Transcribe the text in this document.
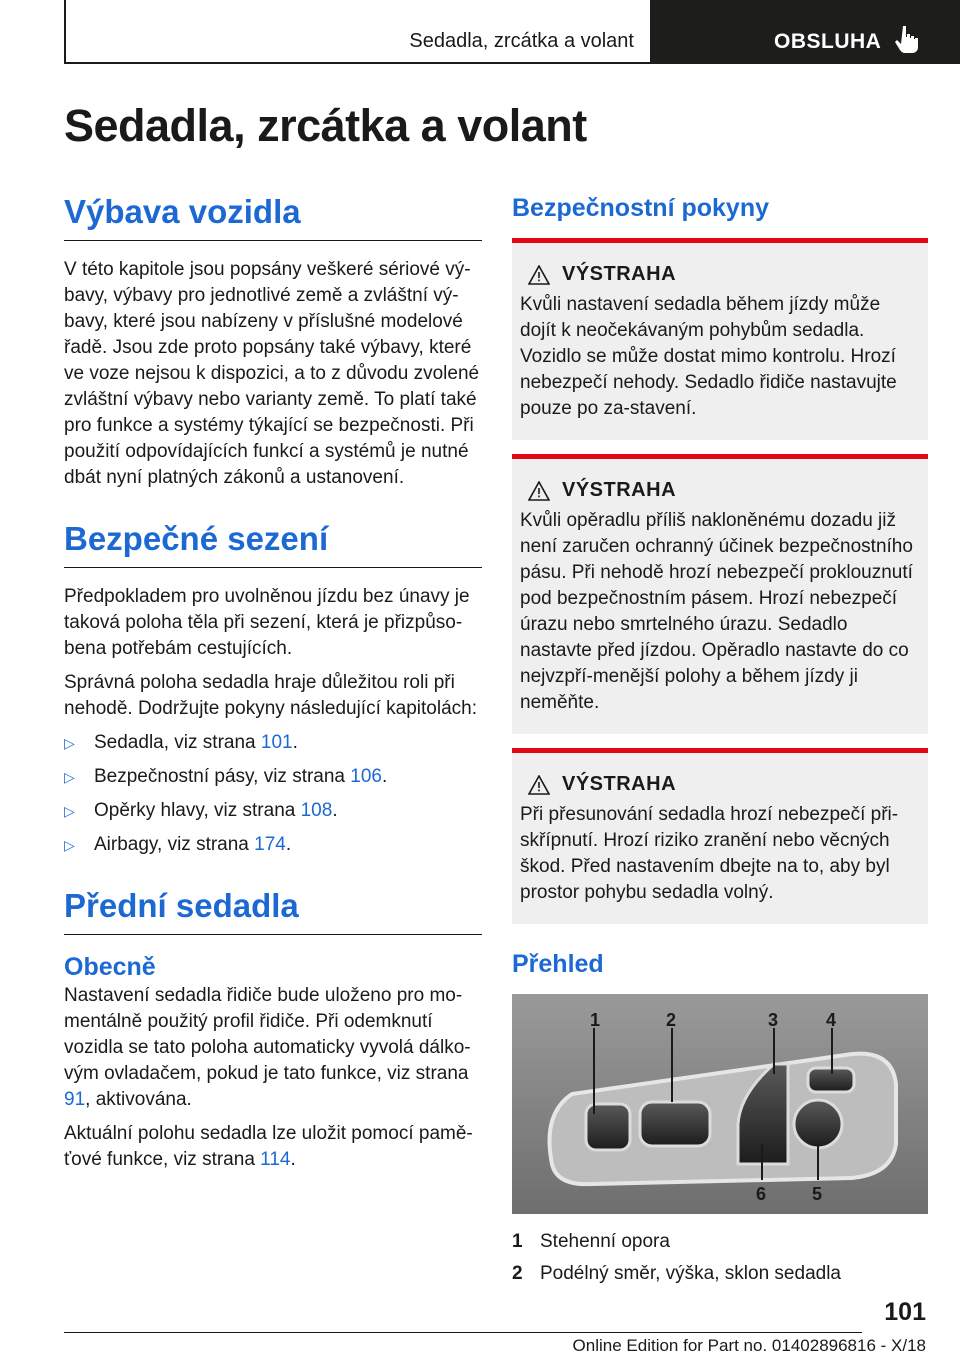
Sedadla, zrcátka a volant	OBSLUHA
Sedadla, zrcátka a volant
Výbava vozidla

V této kapitole jsou popsány veškeré sériové vý-bavy, výbavy pro jednotlivé země a zvláštní vý-bavy, které jsou nabízeny v příslušné modelové řadě. Jsou zde proto popsány také výbavy, které ve voze nejsou k dispozici, a to z důvodu zvolené zvláštní výbavy nebo varianty země. To platí také pro funkce a systémy týkající se bezpečnosti. Při použití odpovídajících funkcí a systémů je nutné dbát nyní platných zákonů a ustanovení.

Bezpečné sezení

Předpokladem pro uvolněnou jízdu bez únavy je taková poloha těla při sezení, která je přizpůso-bena potřebám cestujících.

Správná poloha sedadla hraje důležitou roli při nehodě. Dodržujte pokyny následující kapitolách:

▷ Sedadla, viz strana 101.
▷ Bezpečnostní pásy, viz strana 106.
▷ Opěrky hlavy, viz strana 108.
▷ Airbagy, viz strana 174.
Přední sedadla
Obecně

Nastavení sedadla řidiče bude uloženo pro mo-mentálně použitý profil řidiče. Při odemknutí vozidla se tato poloha automaticky vyvolá dálko-vým ovladačem, pokud je tato funkce, viz strana 91, aktivována.

Aktuální polohu sedadla lze uložit pomocí pamě-ťové funkce, viz strana 114.

Bezpečnostní pokyny
VÝSTRAHA

Kvůli nastavení sedadla během jízdy může dojít k neočekávaným pohybům sedadla. Vozidlo se může dostat mimo kontrolu. Hrozí nebezpečí nehody. Sedadlo řidiče nastavujte pouze po za-stavení.

VÝSTRAHA

Kvůli opěradlu příliš nakloněnému dozadu již není zaručen ochranný účinek bezpečnostního pásu. Při nehodě hrozí nebezpečí proklouznutí pod bezpečnostním pásem. Hrozí nebezpečí úrazu nebo smrtelného úrazu. Sedadlo nastavte před jízdou. Opěradlo nastavte do co nejvzpří-menější polohy a během jízdy ji neměňte.

VÝSTRAHA

Při přesunování sedadla hrozí nebezpečí při-skřípnutí. Hrozí riziko zranění nebo věcných škod. Před nastavením dbejte na to, aby byl prostor pohybu sedadla volný.

Přehled
1	2	3	4
5
6
1 Stehenní opora
2 Podélný směr, výška, sklon sedadla
101
Online Edition for Part no. 01402896816 - X/18
